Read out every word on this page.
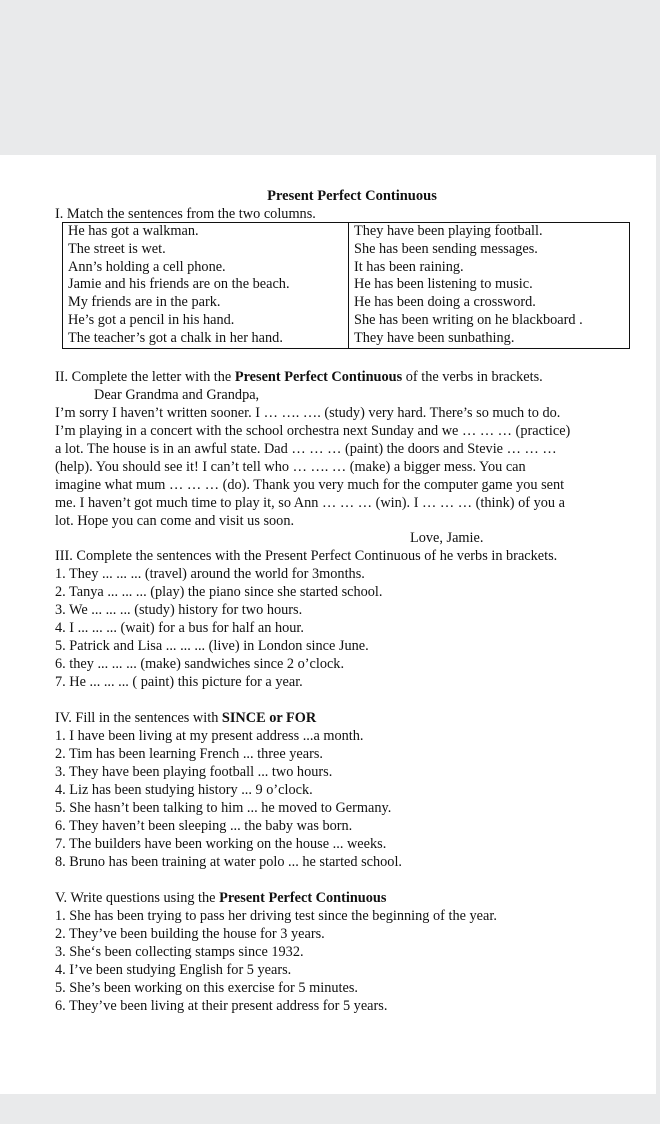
Present Perfect Continuous
I. Match the sentences from the two columns.
He has got a walkman.	They have been playing football.
The street is wet.	She has been sending messages.
Ann’s holding a cell phone.	It has been raining.
Jamie and his friends are on the beach.	He has been listening to music.
My friends are in the park.	He has been doing a crossword.
He’s got a pencil in his hand.	She has been writing on he blackboard .
The teacher’s got a chalk in her hand.	They have been sunbathing.
II. Complete the letter with the Present Perfect Continuous of the verbs in brackets.
Dear Grandma and Grandpa,
I’m sorry I haven’t written sooner. I … …. …. (study) very hard. There’s so much to do.
I’m playing in a concert with the school orchestra next Sunday and we … … … (practice)
a lot. The house is in an awful state. Dad … … … (paint) the doors and Stevie … … …
(help). You should see it! I can’t tell who … …. … (make) a bigger mess. You can
imagine what mum … … … (do). Thank you very much for the computer game you sent
me. I haven’t got much time to play it, so Ann … … … (win). I … … … (think) of you a
lot. Hope you can come and visit us soon.
Love, Jamie.
III. Complete the sentences with the Present Perfect Continuous of he verbs in brackets.
1. They ... ... ... (travel) around the world for 3months.
2. Tanya ... ... ... (play) the piano since she started school.
3. We ... ... ... (study) history for two hours.
4. I ... ... ... (wait) for a bus for half an hour.
5. Patrick and Lisa ... ... ... (live) in London since June.
6. they ... ... ... (make) sandwiches since 2 o’clock.
7. He ... ... ... ( paint) this picture for a year.
IV. Fill in the sentences with SINCE or FOR
1. I have been living at my present address ...a month.
2. Tim has been learning French ... three years.
3. They have been playing football ... two hours.
4. Liz has been studying history ... 9 o’clock.
5. She hasn’t been talking to him ... he moved to Germany.
6. They haven’t been sleeping ... the baby was born.
7. The builders have been working on the house ... weeks.
8. Bruno has been training at water polo ... he started school.
V. Write questions using the Present Perfect Continuous
1. She has been trying to pass her driving test since the beginning of the year.
2. They’ve been building the house for 3 years.
3. She‘s been collecting stamps since 1932.
4. I’ve been studying English for 5 years.
5. She’s been working on this exercise for 5 minutes.
6. They’ve been living at their present address for 5 years.
